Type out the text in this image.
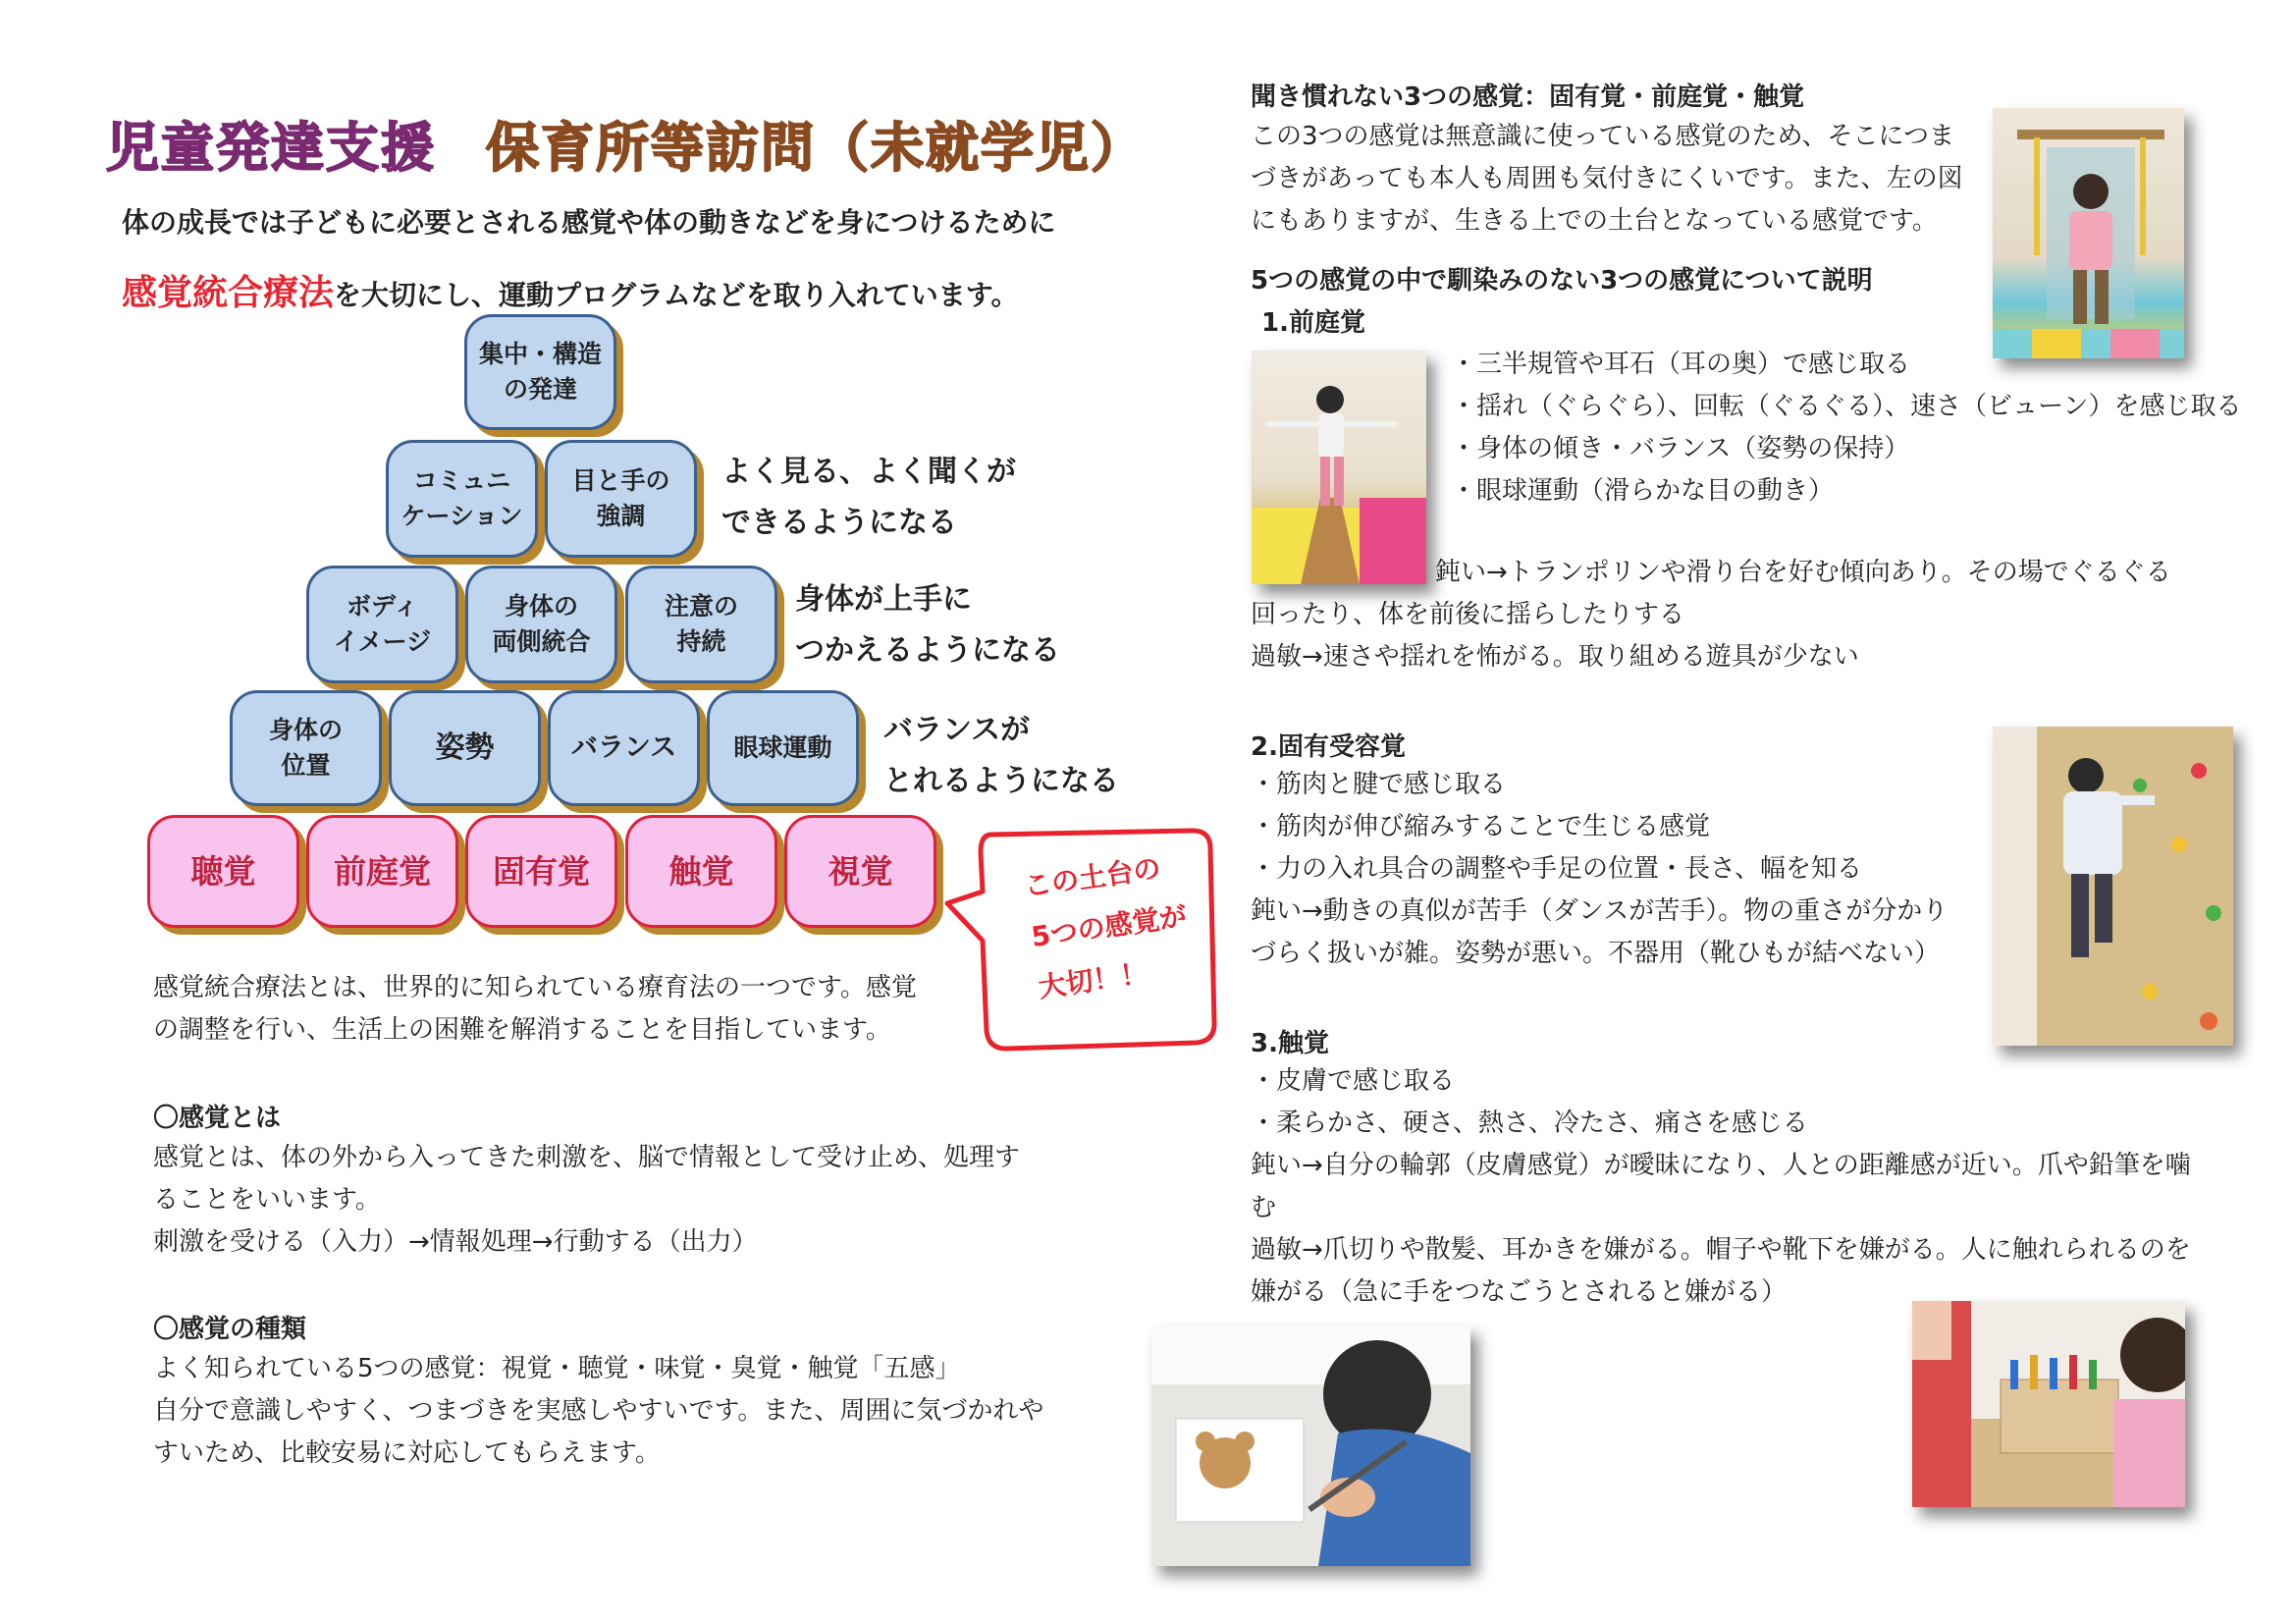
児童発達支援 保育所等訪問（未就学児）
体の成長では子どもに必要とされる感覚や体の動きなどを身につけるために
感覚統合療法を大切にし、運動プログラムなどを取り入れています。
集中・構造
の発達
コミュニ
ケーション
目と手の
強調
ボディ
イメージ
身体の
両側統合
注意の
持続
身体の
位置
姿勢	バランス	眼球運動
聴覚	前庭覚	固有覚	触覚	視覚
よく見る、よく聞くが
できるようになる
身体が上手に
つかえるようになる
バランスが
とれるようになる
この土台の
5つの感覚が
大切！！
感覚統合療法とは、世界的に知られている療育法の一つです。感覚
の調整を行い、生活上の困難を解消することを目指しています。
〇感覚とは
感覚とは、体の外から入ってきた刺激を、脳で情報として受け止め、処理す
ることをいいます。
刺激を受ける（入力）→情報処理→行動する（出力）
〇感覚の種類
よく知られている5つの感覚：視覚・聴覚・味覚・臭覚・触覚「五感」
自分で意識しやすく、つまづきを実感しやすいです。また、周囲に気づかれや
すいため、比較安易に対応してもらえます。
聞き慣れない3つの感覚：固有覚・前庭覚・触覚
この3つの感覚は無意識に使っている感覚のため、そこにつま
づきがあっても本人も周囲も気付きにくいです。また、左の図
にもありますが、生きる上での土台となっている感覚です。
5つの感覚の中で馴染みのない3つの感覚について説明
1.前庭覚
・三半規管や耳石（耳の奥）で感じ取る
・揺れ（ぐらぐら）、回転（ぐるぐる）、速さ（ビューン）を感じ取る
・身体の傾き・バランス（姿勢の保持）
・眼球運動（滑らかな目の動き）
鈍い→トランポリンや滑り台を好む傾向あり。その場でぐるぐる
回ったり、体を前後に揺らしたりする
過敏→速さや揺れを怖がる。取り組める遊具が少ない
2.固有受容覚
・筋肉と腱で感じ取る
・筋肉が伸び縮みすることで生じる感覚
・力の入れ具合の調整や手足の位置・長さ、幅を知る
鈍い→動きの真似が苦手（ダンスが苦手）。物の重さが分かり
づらく扱いが雑。姿勢が悪い。不器用（靴ひもが結べない）
3.触覚
・皮膚で感じ取る
・柔らかさ、硬さ、熱さ、冷たさ、痛さを感じる
鈍い→自分の輪郭（皮膚感覚）が曖昧になり、人との距離感が近い。爪や鉛筆を噛
む
過敏→爪切りや散髪、耳かきを嫌がる。帽子や靴下を嫌がる。人に触れられるのを
嫌がる（急に手をつなごうとされると嫌がる）
